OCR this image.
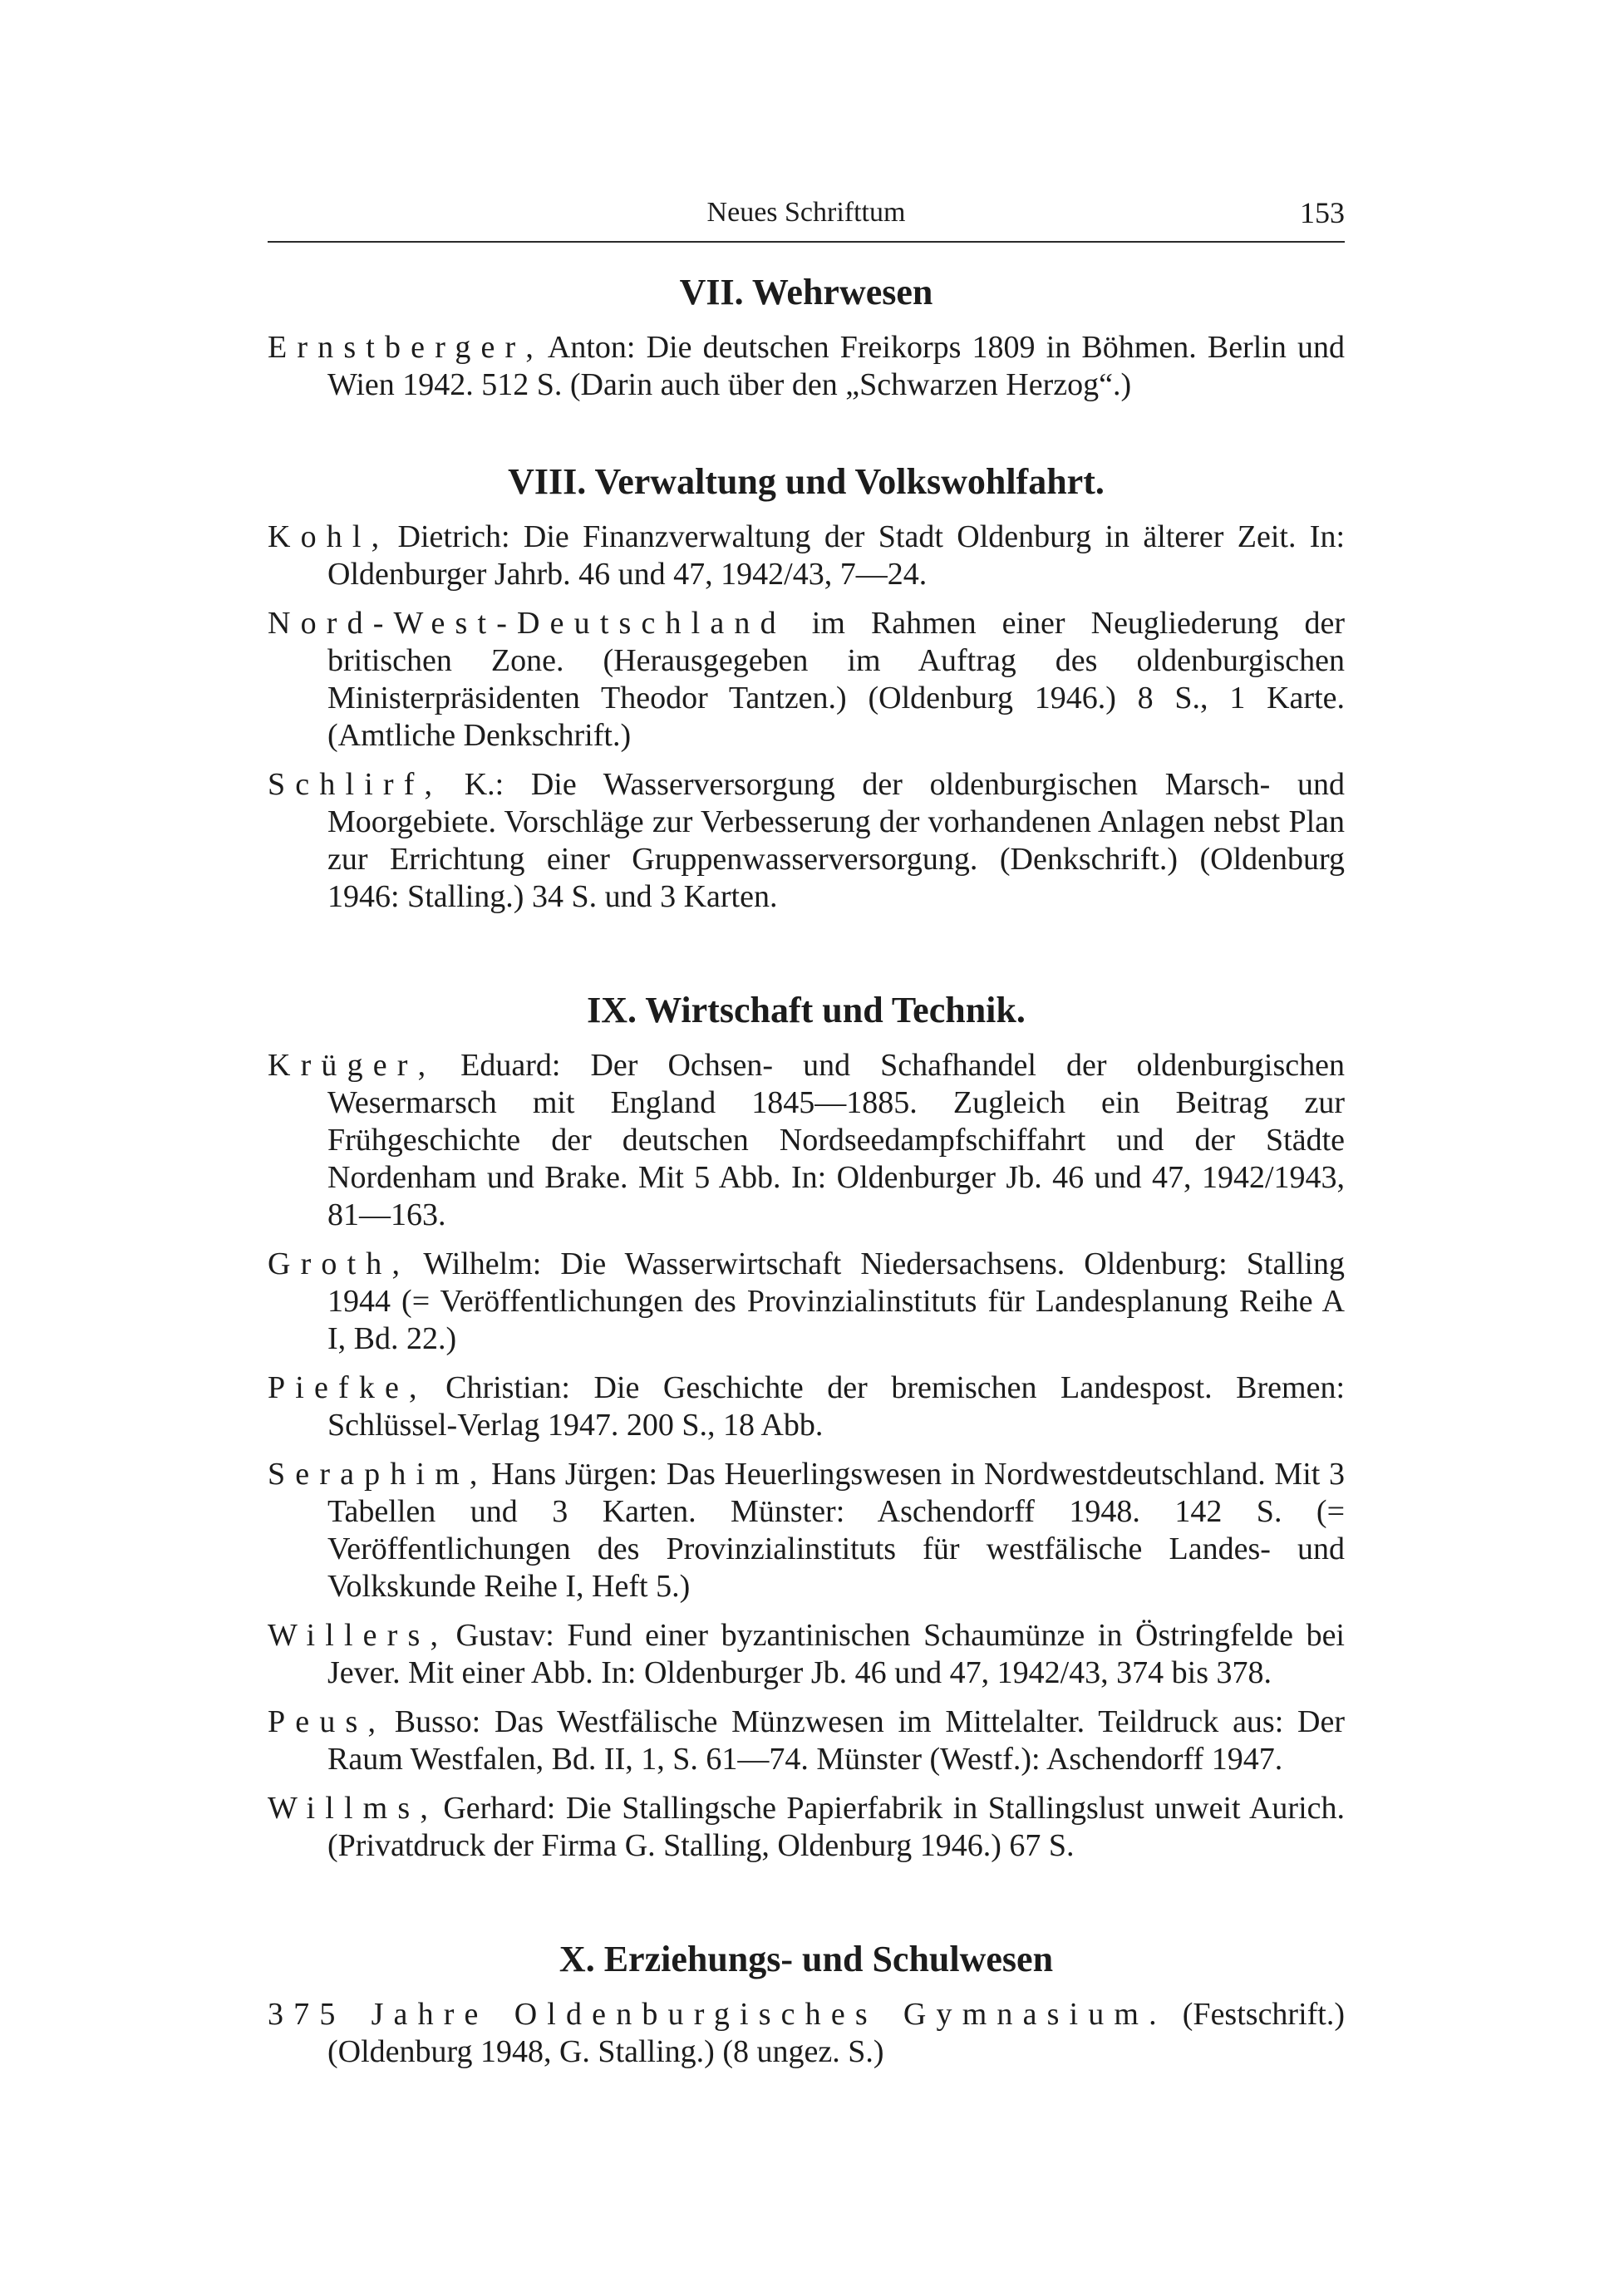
Neues Schrifttum	153
VII. Wehrwesen

Ernstberger, Anton: Die deutschen Freikorps 1809 in Böhmen. Berlin und Wien 1942. 512 S. (Darin auch über den „Schwarzen Herzog“.)

VIII. Verwaltung und Volkswohlfahrt.

Kohl, Dietrich: Die Finanzverwaltung der Stadt Oldenburg in älterer Zeit. In: Oldenburger Jahrb. 46 und 47, 1942/43, 7—24.

Nord-West-Deutschland im Rahmen einer Neugliederung der britischen Zone. (Herausgegeben im Auftrag des oldenburgischen Ministerpräsidenten Theodor Tantzen.) (Oldenburg 1946.) 8 S., 1 Karte. (Amtliche Denkschrift.)

Schlirf, K.: Die Wasserversorgung der oldenburgischen Marsch- und Moorgebiete. Vorschläge zur Verbesserung der vorhandenen Anlagen nebst Plan zur Errichtung einer Gruppenwasserversorgung. (Denkschrift.) (Oldenburg 1946: Stalling.) 34 S. und 3 Karten.

IX. Wirtschaft und Technik.

Krüger, Eduard: Der Ochsen- und Schafhandel der oldenburgischen Wesermarsch mit England 1845—1885. Zugleich ein Beitrag zur Frühgeschichte der deutschen Nordseedampfschiffahrt und der Städte Nordenham und Brake. Mit 5 Abb. In: Oldenburger Jb. 46 und 47, 1942/1943, 81—163.

Groth, Wilhelm: Die Wasserwirtschaft Niedersachsens. Oldenburg: Stalling 1944 (= Veröffentlichungen des Provinzialinstituts für Landesplanung Reihe A I, Bd. 22.)

Piefke, Christian: Die Geschichte der bremischen Landespost. Bremen: Schlüssel-Verlag 1947. 200 S., 18 Abb.

Seraphim, Hans Jürgen: Das Heuerlingswesen in Nordwestdeutschland. Mit 3 Tabellen und 3 Karten. Münster: Aschendorff 1948. 142 S. (= Veröffentlichungen des Provinzialinstituts für westfälische Landes- und Volkskunde Reihe I, Heft 5.)

Willers, Gustav: Fund einer byzantinischen Schaumünze in Östringfelde bei Jever. Mit einer Abb. In: Oldenburger Jb. 46 und 47, 1942/43, 374 bis 378.

Peus, Busso: Das Westfälische Münzwesen im Mittelalter. Teildruck aus: Der Raum Westfalen, Bd. II, 1, S. 61—74. Münster (Westf.): Aschendorff 1947.

Willms, Gerhard: Die Stallingsche Papierfabrik in Stallingslust unweit Aurich. (Privatdruck der Firma G. Stalling, Oldenburg 1946.) 67 S.

X. Erziehungs- und Schulwesen

375 Jahre Oldenburgisches Gymnasium. (Festschrift.) (Oldenburg 1948, G. Stalling.) (8 ungez. S.)
